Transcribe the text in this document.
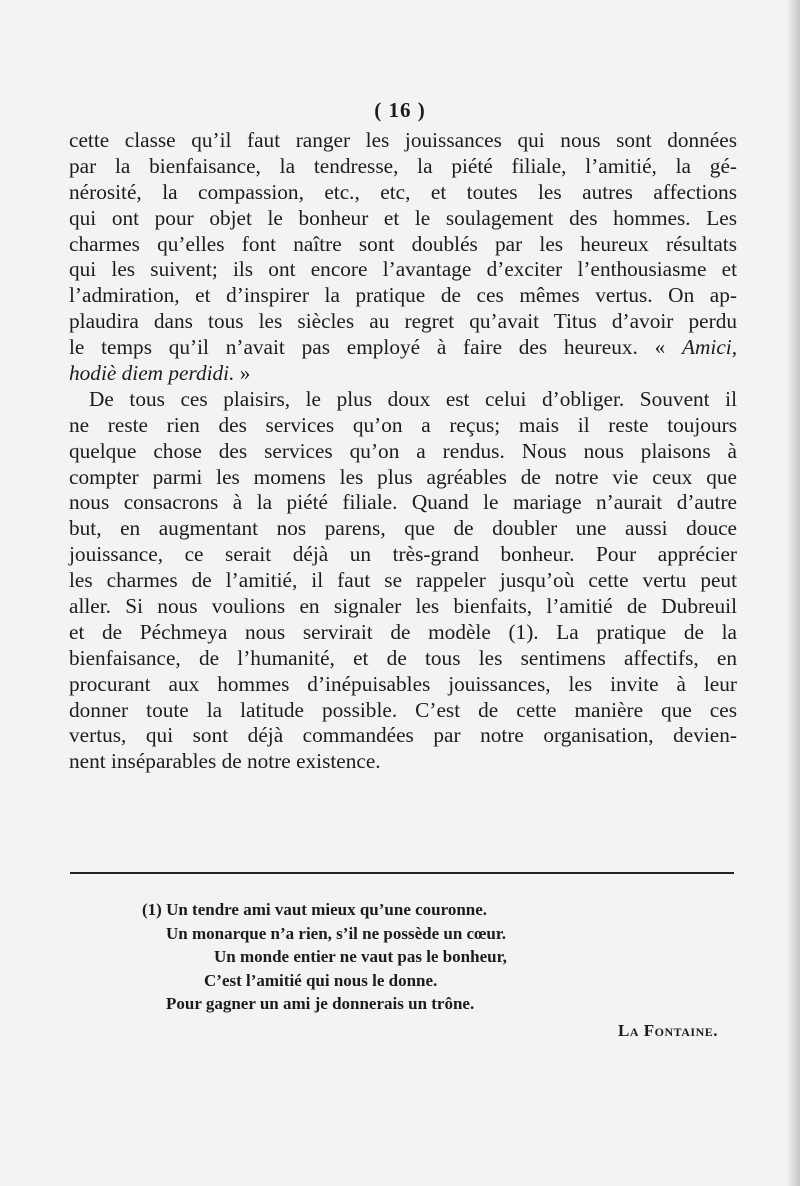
( 16 )
cette classe qu’il faut ranger les jouissances qui nous sont données
par la bienfaisance, la tendresse, la piété filiale, l’amitié, la gé-
nérosité, la compassion, etc., etc, et toutes les autres affections
qui ont pour objet le bonheur et le soulagement des hommes. Les
charmes qu’elles font naître sont doublés par les heureux résultats
qui les suivent; ils ont encore l’avantage d’exciter l’enthousiasme et
l’admiration, et d’inspirer la pratique de ces mêmes vertus. On ap-
plaudira dans tous les siècles au regret qu’avait Titus d’avoir perdu
le temps qu’il n’avait pas employé à faire des heureux. « Amici,
hodiè diem perdidi. »
De tous ces plaisirs, le plus doux est celui d’obliger. Souvent il
ne reste rien des services qu’on a reçus; mais il reste toujours
quelque chose des services qu’on a rendus. Nous nous plaisons à
compter parmi les momens les plus agréables de notre vie ceux que
nous consacrons à la piété filiale. Quand le mariage n’aurait d’autre
but, en augmentant nos parens, que de doubler une aussi douce
jouissance, ce serait déjà un très-grand bonheur. Pour apprécier
les charmes de l’amitié, il faut se rappeler jusqu’où cette vertu peut
aller. Si nous voulions en signaler les bienfaits, l’amitié de Dubreuil
et de Péchmeya nous servirait de modèle (1). La pratique de la
bienfaisance, de l’humanité, et de tous les sentimens affectifs, en
procurant aux hommes d’inépuisables jouissances, les invite à leur
donner toute la latitude possible. C’est de cette manière que ces
vertus, qui sont déjà commandées par notre organisation, devien-
nent inséparables de notre existence.
(1) Un tendre ami vaut mieux qu’une couronne.
Un monarque n’a rien, s’il ne possède un cœur.
Un monde entier ne vaut pas le bonheur,
C’est l’amitié qui nous le donne.
Pour gagner un ami je donnerais un trône.
La Fontaine.
